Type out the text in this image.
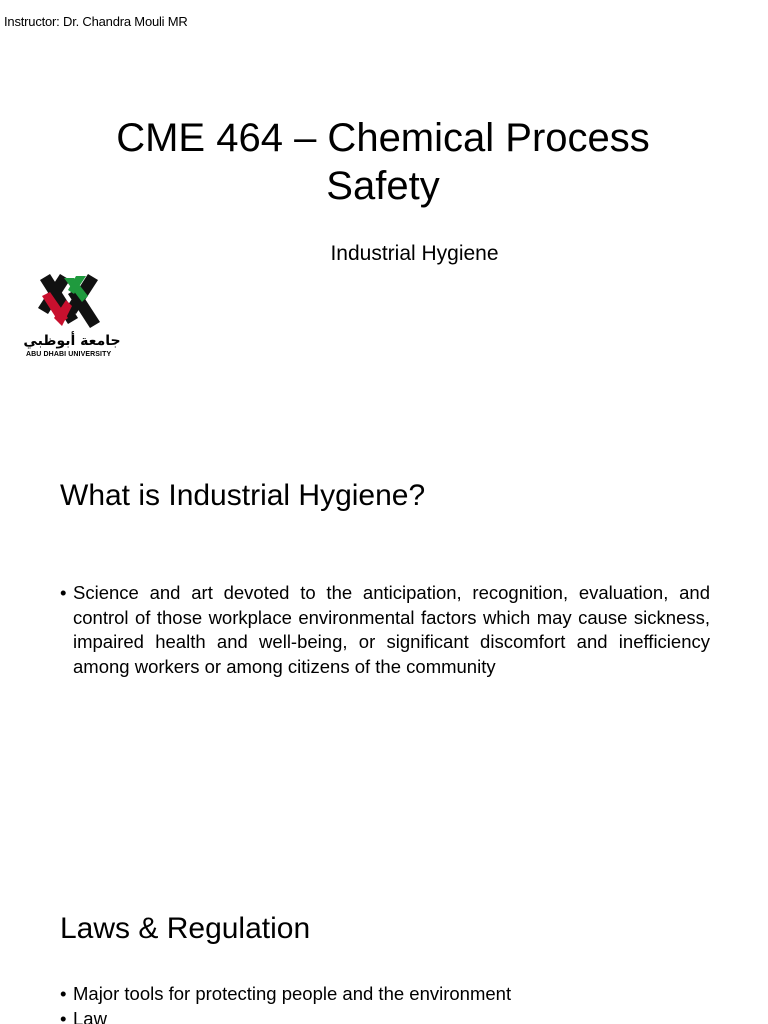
Instructor: Dr. Chandra Mouli MR
CME 464 – Chemical Process Safety
Industrial Hygiene
جامعة أبوظبي
ABU DHABI UNIVERSITY
What is Industrial Hygiene?
• Science and art devoted to the anticipation, recognition, evaluation, and control of those workplace environmental factors which may cause sickness, impaired health and well-being, or significant discomfort and inefficiency among workers or among citizens of the community
Laws & Regulation
• Major tools for protecting people and the environment
• Law
